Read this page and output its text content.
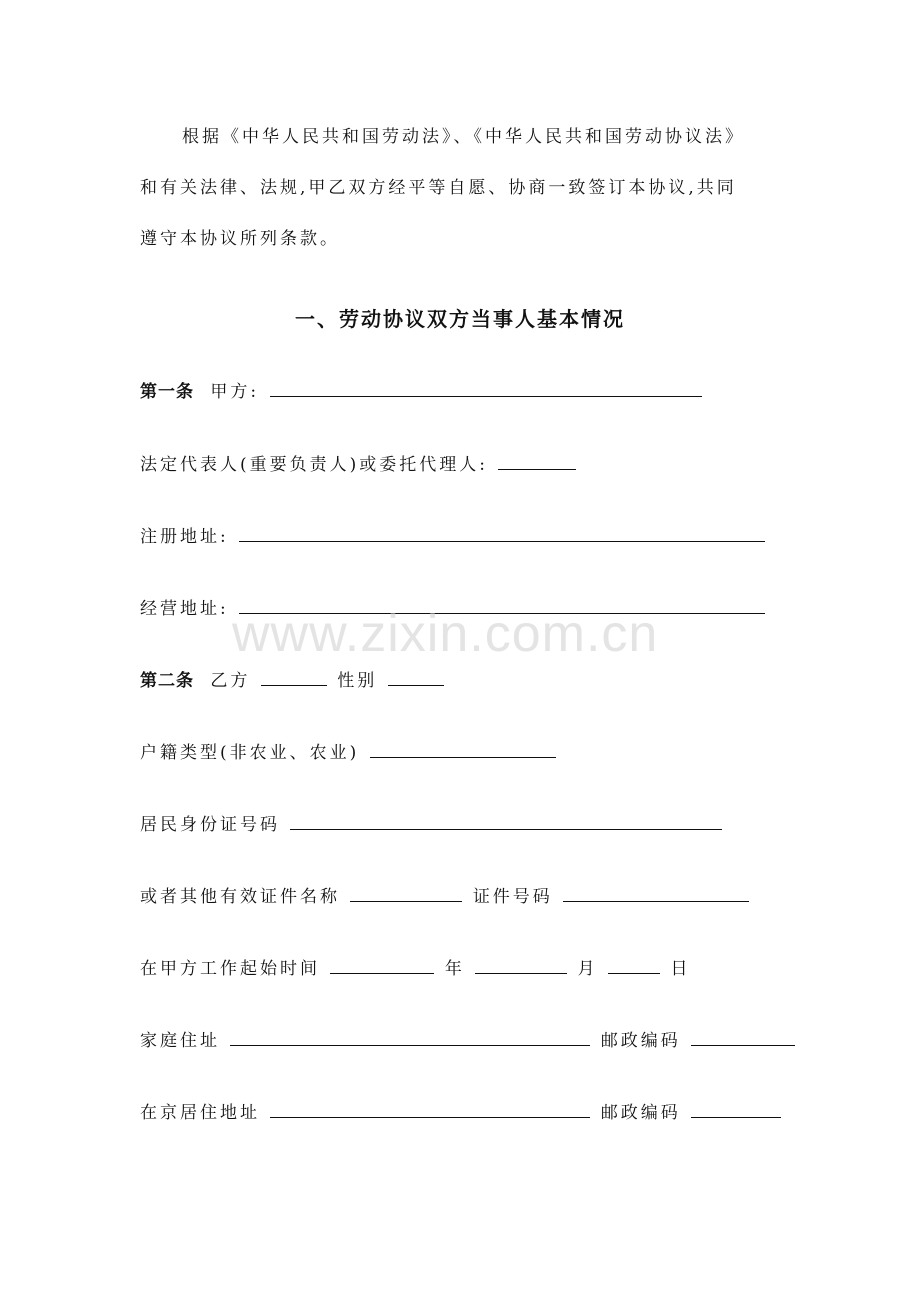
根据《中华人民共和国劳动法》、《中华人民共和国劳动协议法》
和有关法律、法规,甲乙双方经平等自愿、协商一致签订本协议,共同
遵守本协议所列条款。
一、劳动协议双方当事人基本情况
第一条 甲方:
法定代表人(重要负责人)或委托代理人:
注册地址:
经营地址: www.zixin.com.cn
第二条 乙方	性别
户籍类型(非农业、农业)
居民身份证号码
或者其他有效证件名称	证件号码
在甲方工作起始时间	年	月	日
家庭住址	邮政编码
在京居住地址	邮政编码
